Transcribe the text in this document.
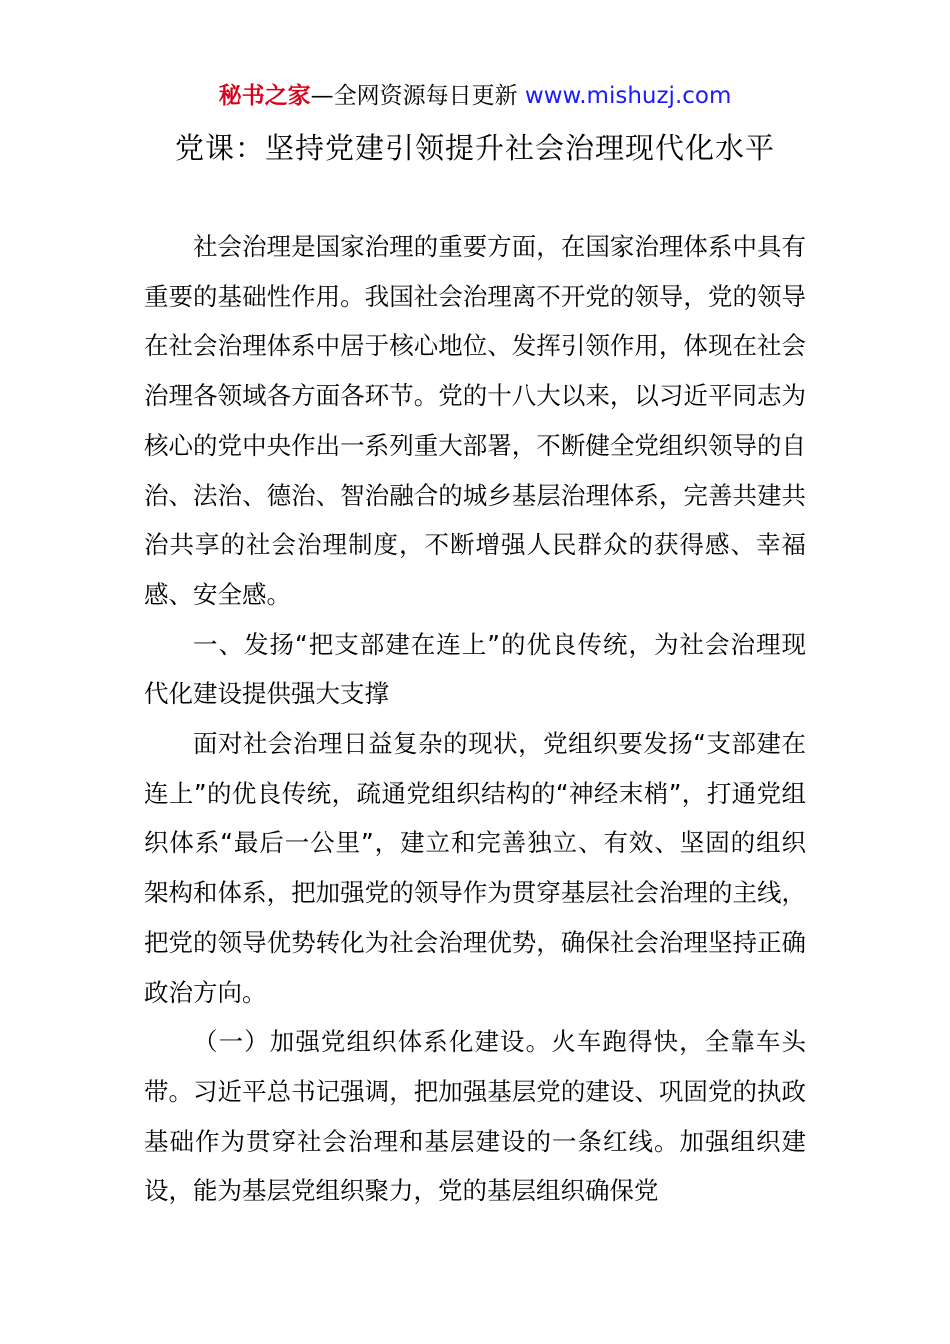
秘书之家—全网资源每日更新 www.mishuzj.com
党课：坚持党建引领提升社会治理现代化水平

社会治理是国家治理的重要方面，在国家治理体系中具有重要的基础性作用。我国社会治理离不开党的领导，党的领导在社会治理体系中居于核心地位、发挥引领作用，体现在社会治理各领域各方面各环节。党的十八大以来，以习近平同志为核心的党中央作出一系列重大部署，不断健全党组织领导的自治、法治、德治、智治融合的城乡基层治理体系，完善共建共治共享的社会治理制度，不断增强人民群众的获得感、幸福感、安全感。

一、发扬“把支部建在连上”的优良传统，为社会治理现代化建设提供强大支撑

面对社会治理日益复杂的现状，党组织要发扬“支部建在连上”的优良传统，疏通党组织结构的“神经末梢”，打通党组织体系“最后一公里”，建立和完善独立、有效、坚固的组织架构和体系，把加强党的领导作为贯穿基层社会治理的主线，把党的领导优势转化为社会治理优势，确保社会治理坚持正确政治方向。

（一）加强党组织体系化建设。火车跑得快，全靠车头带。习近平总书记强调，把加强基层党的建设、巩固党的执政基础作为贯穿社会治理和基层建设的一条红线。加强组织建设，能为基层党组织聚力，党的基层组织确保党
